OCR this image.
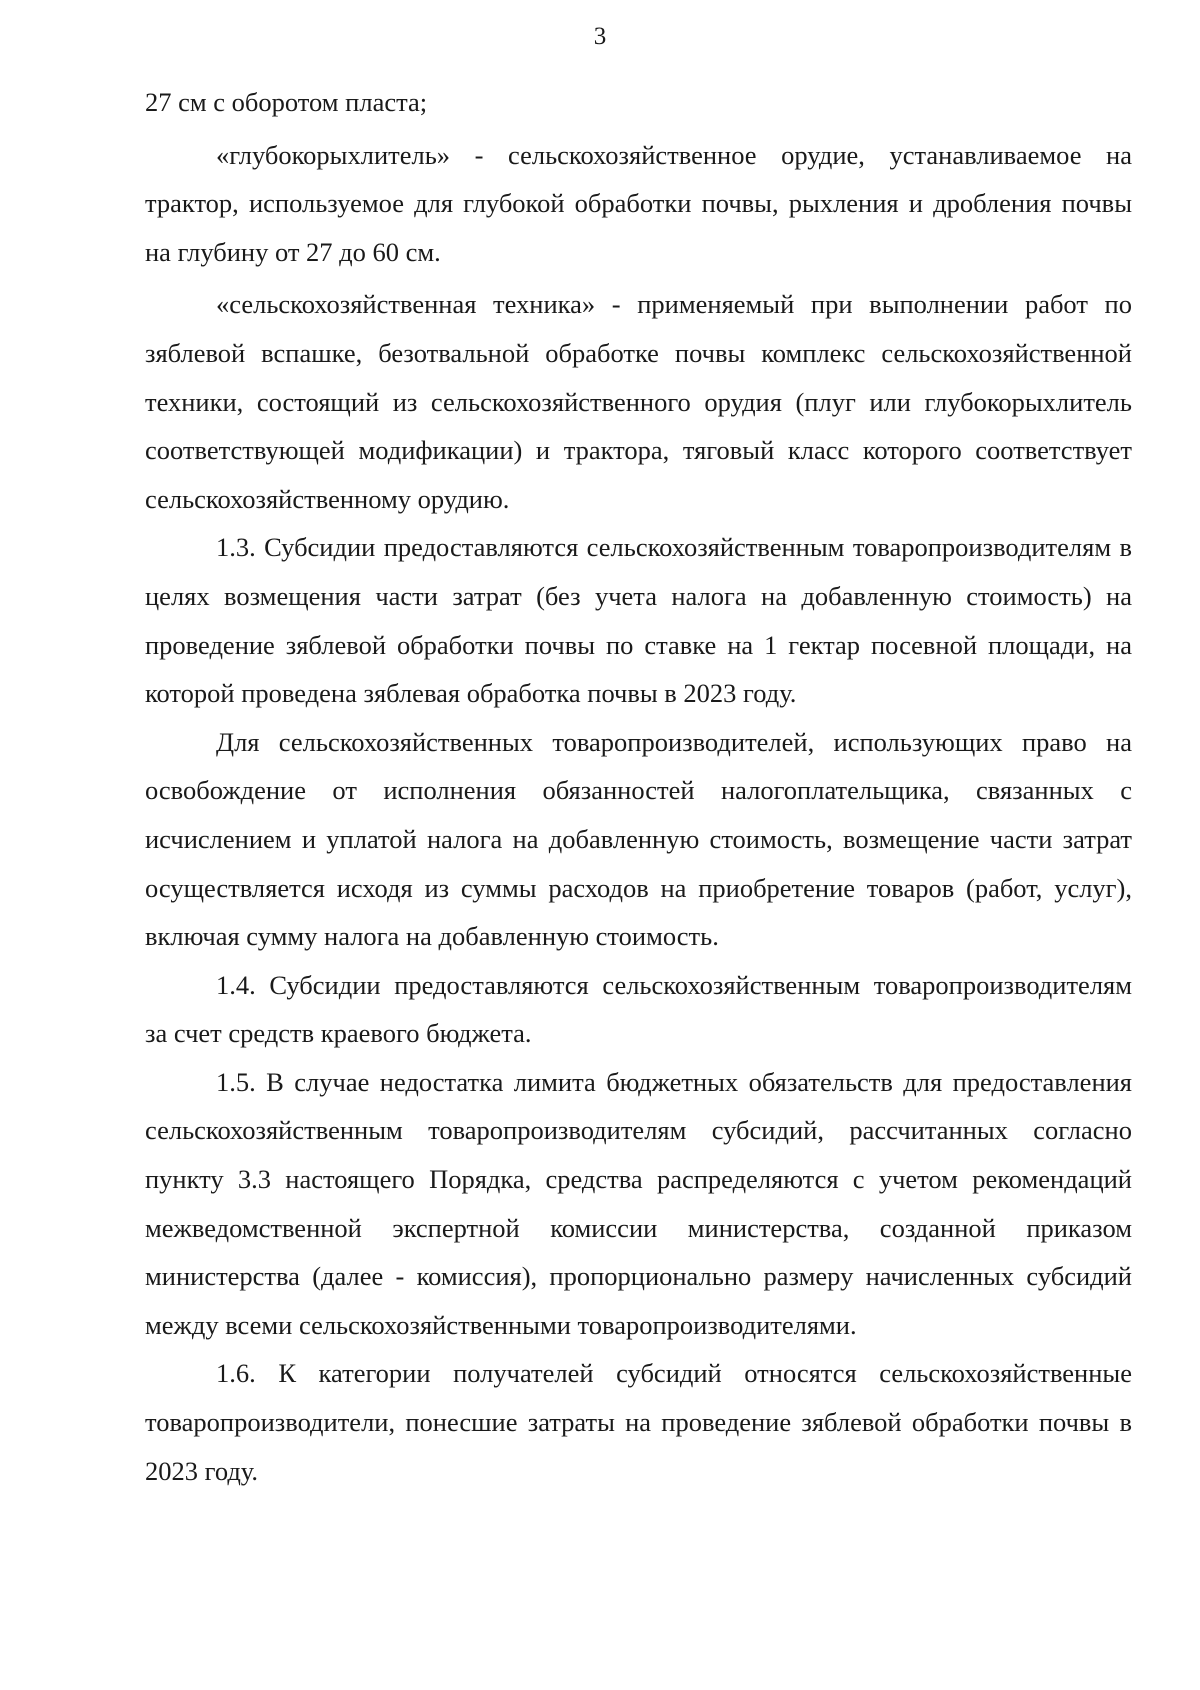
3

27 см с оборотом пласта;

«глубокорыхлитель» - сельскохозяйственное орудие, устанавливаемое на трактор, используемое для глубокой обработки почвы, рыхления и дробления почвы на глубину от 27 до 60 см.

«сельскохозяйственная техника» - применяемый при выполнении работ по зяблевой вспашке, безотвальной обработке почвы комплекс сельскохозяйственной техники, состоящий из сельскохозяйственного орудия (плуг или глубокорыхлитель соответствующей модификации) и трактора, тяговый класс которого соответствует сельскохозяйственному орудию.

1.3. Субсидии предоставляются сельскохозяйственным товаропроизводителям в целях возмещения части затрат (без учета налога на добавленную стоимость) на проведение зяблевой обработки почвы по ставке на 1 гектар посевной площади, на которой проведена зяблевая обработка почвы в 2023 году.

Для сельскохозяйственных товаропроизводителей, использующих право на освобождение от исполнения обязанностей налогоплательщика, связанных с исчислением и уплатой налога на добавленную стоимость, возмещение части затрат осуществляется исходя из суммы расходов на приобретение товаров (работ, услуг), включая сумму налога на добавленную стоимость.

1.4. Субсидии предоставляются сельскохозяйственным товаропроизводителям за счет средств краевого бюджета.

1.5. В случае недостатка лимита бюджетных обязательств для предоставления сельскохозяйственным товаропроизводителям субсидий, рассчитанных согласно пункту 3.3 настоящего Порядка, средства распределяются с учетом рекомендаций межведомственной экспертной комиссии министерства, созданной приказом министерства (далее - комиссия), пропорционально размеру начисленных субсидий между всеми сельскохозяйственными товаропроизводителями.

1.6. К категории получателей субсидий относятся сельскохозяйственные товаропроизводители, понесшие затраты на проведение зяблевой обработки почвы в 2023 году.
